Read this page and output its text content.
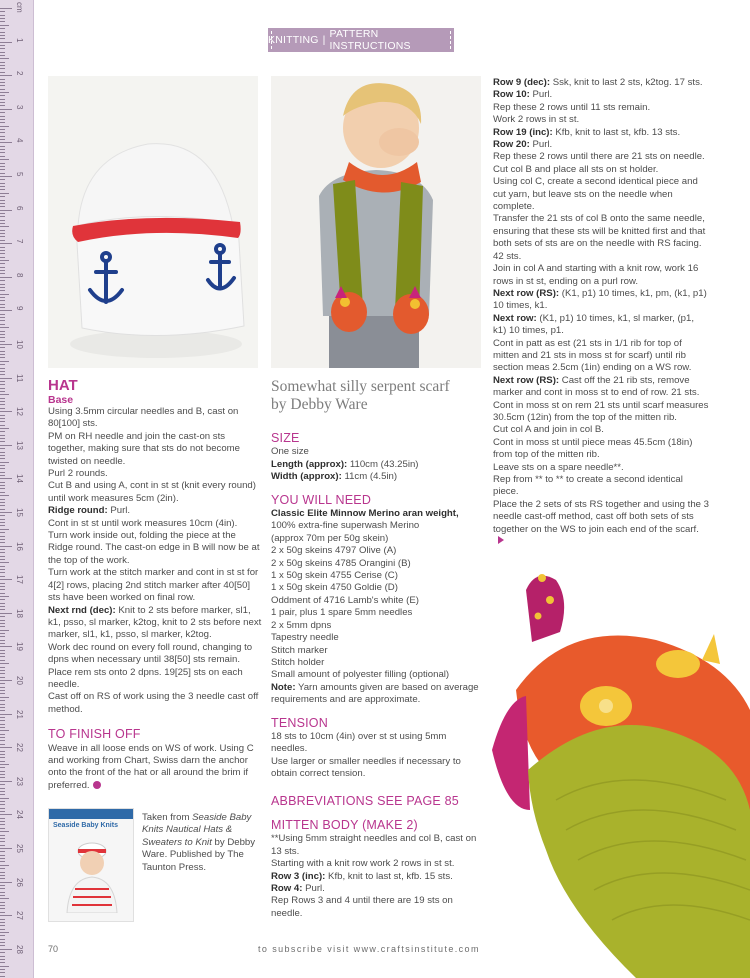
cm
1
2
3
4
5
6
7
8
9
10
11
12
13
14
15
16
17
18
19
20
21
22
23
24
25
26
27
28
KNITTING | PATTERN INSTRUCTIONS
HAT
Base

Using 3.5mm circular needles and B, cast on 80[100] sts.

PM on RH needle and join the cast-on sts together, making sure that sts do not become twisted on needle.

Purl 2 rounds.

Cut B and using A, cont in st st (knit every round) until work measures 5cm (2in).

Ridge round: Purl.

Cont in st st until work measures 10cm (4in).

Turn work inside out, folding the piece at the Ridge round. The cast-on edge in B will now be at the top of the work.

Turn work at the stitch marker and cont in st st for 4[2] rows, placing 2nd stitch marker after 40[50] sts have been worked on final row.

Next rnd (dec): Knit to 2 sts before marker, sl1, k1, psso, sl marker, k2tog, knit to 2 sts before next marker, sl1, k1, psso, sl marker, k2tog.

Work dec round on every foll round, changing to dpns when necessary until 38[50] sts remain.

Place rem sts onto 2 dpns. 19[25] sts on each needle.

Cast off on RS of work using the 3 needle cast off method.

TO FINISH OFF

Weave in all loose ends on WS of work. Using C and working from Chart, Swiss darn the anchor onto the front of the hat or all around the brim if preferred.

Seaside Baby Knits
Taken from Seaside Baby Knits Nautical Hats & Sweaters to Knit by Debby Ware. Published by The Taunton Press.
Somewhat silly serpent scarf
by Debby Ware
SIZE

One size

Length (approx): 110cm (43.25in)

Width (approx): 11cm (4.5in)

YOU WILL NEED

Classic Elite Minnow Merino aran weight,

100% extra-fine superwash Merino

(approx 70m per 50g skein)

2 x 50g skeins 4797 Olive (A)

2 x 50g skeins 4785 Orangini (B)

1 x 50g skein 4755 Cerise (C)

1 x 50g skein 4750 Goldie (D)

Oddment of 4716 Lamb's white (E)

1 pair, plus 1 spare 5mm needles

2 x 5mm dpns

Tapestry needle

Stitch marker

Stitch holder

Small amount of polyester filling (optional)

Note: Yarn amounts given are based on average requirements and are approximate.

TENSION

18 sts to 10cm (4in) over st st using 5mm needles.

Use larger or smaller needles if necessary to obtain correct tension.

ABBREVIATIONS SEE PAGE 85
MITTEN BODY (MAKE 2)

**Using 5mm straight needles and col B, cast on 13 sts.

Starting with a knit row work 2 rows in st st.

Row 3 (inc): Kfb, knit to last st, kfb. 15 sts.

Row 4: Purl.

Rep Rows 3 and 4 until there are 19 sts on needle.

Row 9 (dec): Ssk, knit to last 2 sts, k2tog. 17 sts.

Row 10: Purl.

Rep these 2 rows until 11 sts remain.

Work 2 rows in st st.

Row 19 (inc): Kfb, knit to last st, kfb. 13 sts.

Row 20: Purl.

Rep these 2 rows until there are 21 sts on needle.

Cut col B and place all sts on st holder.

Using col C, create a second identical piece and cut yarn, but leave sts on the needle when complete.

Transfer the 21 sts of col B onto the same needle, ensuring that these sts will be knitted first and that both sets of sts are on the needle with RS facing. 42 sts.

Join in col A and starting with a knit row, work 16 rows in st st, ending on a purl row.

Next row (RS): (K1, p1) 10 times, k1, pm, (k1, p1) 10 times, k1.

Next row: (K1, p1) 10 times, k1, sl marker, (p1, k1) 10 times, p1.

Cont in patt as est (21 sts in 1/1 rib for top of mitten and 21 sts in moss st for scarf) until rib section meas 2.5cm (1in) ending on a WS row.

Next row (RS): Cast off the 21 rib sts, remove marker and cont in moss st to end of row. 21 sts.

Cont in moss st on rem 21 sts until scarf measures 30.5cm (12in) from the top of the mitten rib.

Cut col A and join in col B.

Cont in moss st until piece meas 45.5cm (18in) from top of the mitten rib.

Leave sts on a spare needle**.

Rep from ** to ** to create a second identical piece.

Place the 2 sets of sts RS together and using the 3 needle cast-off method, cast off both sets of sts together on the WS to join each end of the scarf.

70	to subscribe visit www.craftsinstitute.com
